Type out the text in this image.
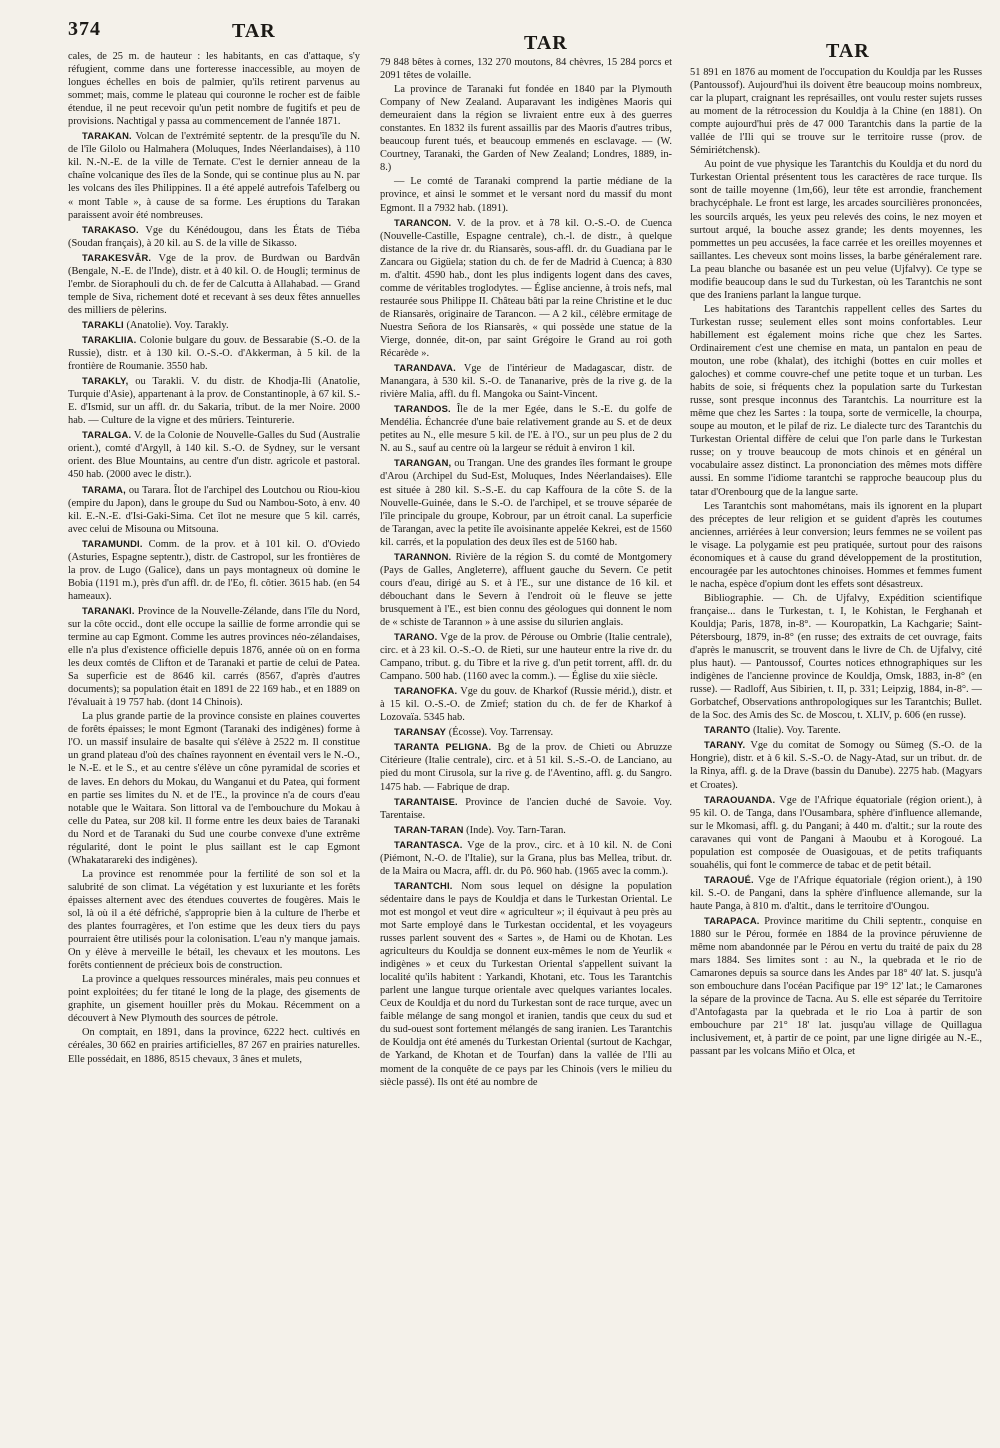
374	TAR
TAR	TAR

cales, de 25 m. de hauteur : les habitants, en cas d'attaque, s'y réfugient, comme dans une forteresse inaccessible, au moyen de longues échelles en bois de palmier, qu'ils retirent parvenus au sommet; mais, comme le plateau qui couronne le rocher est de faible étendue, il ne peut recevoir qu'un petit nombre de fugitifs et peu de provisions. Nachtigal y passa au commencement de l'année 1871.

TARAKAN. Volcan de l'extrémité septentr. de la presqu'île du N. de l'île Gilolo ou Halmahera (Moluques, Indes Néerlandaises), à 110 kil. N.-N.-E. de la ville de Ternate. C'est le dernier anneau de la chaîne volcanique des îles de la Sonde, qui se continue plus au N. par les volcans des îles Philippines. Il a été appelé autrefois Tafelberg ou « mont Table », à cause de sa forme. Les éruptions du Tarakan paraissent avoir été nombreuses.

TARAKASO. Vge du Kénédougou, dans les États de Tiéba (Soudan français), à 20 kil. au S. de la ville de Sikasso.

TARAKESVÂR. Vge de la prov. de Burdwan ou Bardvân (Bengale, N.-E. de l'Inde), distr. et à 40 kil. O. de Hougli; terminus de l'embr. de Sioraphouli du ch. de fer de Calcutta à Allahabad. — Grand temple de Siva, richement doté et recevant à ses deux fêtes annuelles des milliers de pèlerins.

TARAKLI (Anatolie). Voy. Tarakly.

TARAKLIIA. Colonie bulgare du gouv. de Bessarabie (S.-O. de la Russie), distr. et à 130 kil. O.-S.-O. d'Akkerman, à 5 kil. de la frontière de Roumanie. 3550 hab.

TARAKLY, ou Tarakli. V. du distr. de Khodja-Ili (Anatolie, Turquie d'Asie), appartenant à la prov. de Constantinople, à 67 kil. S.-E. d'Ismid, sur un affl. dr. du Sakaria, tribut. de la mer Noire. 2000 hab. — Culture de la vigne et des mûriers. Teinturerie.

TARALGA. V. de la Colonie de Nouvelle-Galles du Sud (Australie orient.), comté d'Argyll, à 140 kil. S.-O. de Sydney, sur le versant orient. des Blue Mountains, au centre d'un distr. agricole et pastoral. 450 hab. (2000 avec le distr.).

TARAMA, ou Tarara. Îlot de l'archipel des Loutchou ou Riou-kiou (empire du Japon), dans le groupe du Sud ou Nambou-Soto, à env. 40 kil. E.-N.-E. d'Isi-Gaki-Sima. Cet îlot ne mesure que 5 kil. carrés, avec celui de Misouna ou Mitsouna.

TARAMUNDI. Comm. de la prov. et à 101 kil. O. d'Oviedo (Asturies, Espagne septentr.), distr. de Castropol, sur les frontières de la prov. de Lugo (Galice), dans un pays montagneux où domine le Bobia (1191 m.), près d'un affl. dr. de l'Eo, fl. côtier. 3615 hab. (en 54 hameaux).

TARANAKI. Province de la Nouvelle-Zélande, dans l'île du Nord, sur la côte occid., dont elle occupe la saillie de forme arrondie qui se termine au cap Egmont. Comme les autres provinces néo-zélandaises, elle n'a plus d'existence officielle depuis 1876, année où on en forma les deux comtés de Clifton et de Taranaki et partie de celui de Patea. Sa superficie est de 8646 kil. carrés (8567, d'après d'autres documents); sa population était en 1891 de 22 169 hab., et en 1889 on l'évaluait à 19 757 hab. (dont 14 Chinois).

La plus grande partie de la province consiste en plaines couvertes de forêts épaisses; le mont Egmont (Taranaki des indigènes) forme à l'O. un massif insulaire de basalte qui s'élève à 2522 m. Il constitue un grand plateau d'où des chaînes rayonnent en éventail vers le N.-O., le N.-E. et le S., et au centre s'élève un cône pyramidal de scories et de laves. En dehors du Mokau, du Wanganui et du Patea, qui forment en partie ses limites du N. et de l'E., la province n'a de cours d'eau notable que le Waitara. Son littoral va de l'embouchure du Mokau à celle du Patea, sur 208 kil. Il forme entre les deux baies de Taranaki du Nord et de Taranaki du Sud une courbe convexe d'une extrême régularité, dont le point le plus saillant est le cap Egmont (Whakatarareki des indigènes).

La province est renommée pour la fertilité de son sol et la salubrité de son climat. La végétation y est luxuriante et les forêts épaisses alternent avec des étendues couvertes de fougères. Mais le sol, là où il a été défriché, s'approprie bien à la culture de l'herbe et des plantes fourragères, et l'on estime que les deux tiers du pays pourraient être utilisés pour la colonisation. L'eau n'y manque jamais. On y élève à merveille le bétail, les chevaux et les moutons. Les forêts contiennent de précieux bois de construction.

La province a quelques ressources minérales, mais peu connues et point exploitées; du fer titané le long de la plage, des gisements de graphite, un gisement houiller près du Mokau. Récemment on a découvert à New Plymouth des sources de pétrole.

On comptait, en 1891, dans la province, 6222 hect. cultivés en céréales, 30 662 en prairies artificielles, 87 267 en prairies naturelles. Elle possédait, en 1886, 8515 chevaux, 3 ânes et mulets,

79 848 bêtes à cornes, 132 270 moutons, 84 chèvres, 15 284 porcs et 2091 têtes de volaille.

La province de Taranaki fut fondée en 1840 par la Plymouth Company of New Zealand. Auparavant les indigènes Maoris qui demeuraient dans la région se livraient entre eux à des guerres constantes. En 1832 ils furent assaillis par des Maoris d'autres tribus, beaucoup furent tués, et beaucoup emmenés en esclavage. — (W. Courtney, Taranaki, the Garden of New Zealand; Londres, 1889, in-8.)

— Le comté de Taranaki comprend la partie médiane de la province, et ainsi le sommet et le versant nord du massif du mont Egmont. Il a 7932 hab. (1891).

TARANCON. V. de la prov. et à 78 kil. O.-S.-O. de Cuenca (Nouvelle-Castille, Espagne centrale), ch.-l. de distr., à quelque distance de la rive dr. du Riansarès, sous-affl. dr. du Guadiana par le Zancara ou Gigüela; station du ch. de fer de Madrid à Cuenca; à 830 m. d'altit. 4590 hab., dont les plus indigents logent dans des caves, comme de véritables troglodytes. — Église ancienne, à trois nefs, mal restaurée sous Philippe II. Château bâti par la reine Christine et le duc de Riansarès, originaire de Tarancon. — A 2 kil., célèbre ermitage de Nuestra Señora de los Riansarès, « qui possède une statue de la Vierge, donnée, dit-on, par saint Grégoire le Grand au roi goth Récarède ».

TARANDAVA. Vge de l'intérieur de Madagascar, distr. de Manangara, à 530 kil. S.-O. de Tananarive, près de la rive g. de la rivière Malia, affl. du fl. Mangoka ou Saint-Vincent.

TARANDOS. Île de la mer Egée, dans le S.-E. du golfe de Mendélia. Échancrée d'une baie relativement grande au S. et de deux petites au N., elle mesure 5 kil. de l'E. à l'O., sur un peu plus de 2 du N. au S., sauf au centre où la largeur se réduit à environ 1 kil.

TARANGAN, ou Trangan. Une des grandes îles formant le groupe d'Arou (Archipel du Sud-Est, Moluques, Indes Néerlandaises). Elle est située à 280 kil. S.-S.-E. du cap Kaffoura de la côte S. de la Nouvelle-Guinée, dans le S.-O. de l'archipel, et se trouve séparée de l'île principale du groupe, Kobrour, par un étroit canal. La superficie de Tarangan, avec la petite île avoisinante appelée Kekrei, est de 1560 kil. carrés, et la population des deux îles est de 5160 hab.

TARANNON. Rivière de la région S. du comté de Montgomery (Pays de Galles, Angleterre), affluent gauche du Severn. Ce petit cours d'eau, dirigé au S. et à l'E., sur une distance de 16 kil. et débouchant dans le Severn à l'endroit où le fleuve se jette brusquement à l'E., est bien connu des géologues qui donnent le nom de « schiste de Tarannon » à une assise du silurien anglais.

TARANO. Vge de la prov. de Pérouse ou Ombrie (Italie centrale), circ. et à 23 kil. O.-S.-O. de Rieti, sur une hauteur entre la rive dr. du Campano, tribut. g. du Tibre et la rive g. d'un petit torrent, affl. dr. du Campano. 500 hab. (1160 avec la comm.). — Église du xiie siècle.

TARANOFKA. Vge du gouv. de Kharkof (Russie mérid.), distr. et à 15 kil. O.-S.-O. de Zmief; station du ch. de fer de Kharkof à Lozovaïa. 5345 hab.

TARANSAY (Écosse). Voy. Tarrensay.

TARANTA PELIGNA. Bg de la prov. de Chieti ou Abruzze Citérieure (Italie centrale), circ. et à 51 kil. S.-S.-O. de Lanciano, au pied du mont Cirusola, sur la rive g. de l'Aventino, affl. g. du Sangro. 1475 hab. — Fabrique de drap.

TARANTAISE. Province de l'ancien duché de Savoie. Voy. Tarentaise.

TARAN-TARAN (Inde). Voy. Tarn-Taran.

TARANTASCA. Vge de la prov., circ. et à 10 kil. N. de Coni (Piémont, N.-O. de l'Italie), sur la Grana, plus bas Mellea, tribut. dr. de la Maira ou Macra, affl. dr. du Pô. 960 hab. (1965 avec la comm.).

TARANTCHI. Nom sous lequel on désigne la population sédentaire dans le pays de Kouldja et dans le Turkestan Oriental. Le mot est mongol et veut dire « agriculteur »; il équivaut à peu près au mot Sarte employé dans le Turkestan occidental, et les voyageurs russes parlent souvent des « Sartes », de Hami ou de Khotan. Les agriculteurs du Kouldja se donnent eux-mêmes le nom de Yeurlik « indigènes » et ceux du Turkestan Oriental s'appellent suivant la localité qu'ils habitent : Yarkandi, Khotani, etc. Tous les Tarantchis parlent une langue turque orientale avec quelques variantes locales. Ceux de Kouldja et du nord du Turkestan sont de race turque, avec un faible mélange de sang mongol et iranien, tandis que ceux du sud et du sud-ouest sont fortement mélangés de sang iranien. Les Tarantchis de Kouldja ont été amenés du Turkestan Oriental (surtout de Kachgar, de Yarkand, de Khotan et de Tourfan) dans la vallée de l'Ili au moment de la conquête de ce pays par les Chinois (vers le milieu du siècle passé). Ils ont été au nombre de

51 891 en 1876 au moment de l'occupation du Kouldja par les Russes (Pantoussof). Aujourd'hui ils doivent être beaucoup moins nombreux, car la plupart, craignant les représailles, ont voulu rester sujets russes au moment de la rétrocession du Kouldja à la Chine (en 1881). On compte aujourd'hui près de 47 000 Tarantchis dans la partie de la vallée de l'Ili qui se trouve sur le territoire russe (prov. de Sémiriétchensk).

Au point de vue physique les Tarantchis du Kouldja et du nord du Turkestan Oriental présentent tous les caractères de race turque. Ils sont de taille moyenne (1m,66), leur tête est arrondie, franchement brachycéphale. Le front est large, les arcades sourcilières prononcées, les sourcils arqués, les yeux peu relevés des coins, le nez moyen et surtout arqué, la bouche assez grande; les dents moyennes, les pommettes un peu accusées, la face carrée et les oreilles moyennes et saillantes. Les cheveux sont moins lisses, la barbe généralement rare. La peau blanche ou basanée est un peu velue (Ujfalvy). Ce type se modifie beaucoup dans le sud du Turkestan, où les Tarantchis ne sont que des Iraniens parlant la langue turque.

Les habitations des Tarantchis rappellent celles des Sartes du Turkestan russe; seulement elles sont moins confortables. Leur habillement est également moins riche que chez les Sartes. Ordinairement c'est une chemise en mata, un pantalon en peau de mouton, une robe (khalat), des itchighi (bottes en cuir molles et galoches) et comme couvre-chef une petite toque et un turban. Les habits de soie, si fréquents chez la population sarte du Turkestan russe, sont presque inconnus des Tarantchis. La nourriture est la même que chez les Sartes : la toupa, sorte de vermicelle, la chourpa, soupe au mouton, et le pilaf de riz. Le dialecte turc des Tarantchis du Turkestan Oriental diffère de celui que l'on parle dans le Turkestan russe; on y trouve beaucoup de mots chinois et en général un vocabulaire assez distinct. La prononciation des mêmes mots diffère aussi. En somme l'idiome tarantchi se rapproche beaucoup plus du tatar d'Orenbourg que de la langue sarte.

Les Tarantchis sont mahométans, mais ils ignorent en la plupart des préceptes de leur religion et se guident d'après les coutumes anciennes, arriérées à leur conversion; leurs femmes ne se voilent pas le visage. La polygamie est peu pratiquée, surtout pour des raisons économiques et à cause du grand développement de la prostitution, encouragée par les autochtones chinoises. Hommes et femmes fument le nacha, espèce d'opium dont les effets sont désastreux.

Bibliographie. — Ch. de Ujfalvy, Expédition scientifique française... dans le Turkestan, t. I, le Kohistan, le Ferghanah et Kouldja; Paris, 1878, in-8°. — Kouropatkin, La Kachgarie; Saint-Pétersbourg, 1879, in-8° (en russe; des extraits de cet ouvrage, faits d'après le manuscrit, se trouvent dans le livre de Ch. de Ujfalvy, cité plus haut). — Pantoussof, Courtes notices ethnographiques sur les indigènes de l'ancienne province de Kouldja, Omsk, 1883, in-8° (en russe). — Radloff, Aus Sibirien, t. II, p. 331; Leipzig, 1884, in-8°. — Gorbatchef, Observations anthropologiques sur les Tarantchis; Bullet. de la Soc. des Amis des Sc. de Moscou, t. XLIV, p. 606 (en russe).

TARANTO (Italie). Voy. Tarente.

TARANY. Vge du comitat de Somogy ou Sümeg (S.-O. de la Hongrie), distr. et à 6 kil. S.-S.-O. de Nagy-Atad, sur un tribut. dr. de la Rinya, affl. g. de la Drave (bassin du Danube). 2275 hab. (Magyars et Croates).

TARAOUANDA. Vge de l'Afrique équatoriale (région orient.), à 95 kil. O. de Tanga, dans l'Ousambara, sphère d'influence allemande, sur le Mkomasi, affl. g. du Pangani; à 440 m. d'altit.; sur la route des caravanes qui vont de Pangani à Maoubu et à Korogoué. La population est composée de Ouasigouas, et de petits trafiquants souahélis, qui font le commerce de tabac et de petit bétail.

TARAOUÉ. Vge de l'Afrique équatoriale (région orient.), à 190 kil. S.-O. de Pangani, dans la sphère d'influence allemande, sur la haute Panga, à 810 m. d'altit., dans le territoire d'Oungou.

TARAPACA. Province maritime du Chili septentr., conquise en 1880 sur le Pérou, formée en 1884 de la province péruvienne de même nom abandonnée par le Pérou en vertu du traité de paix du 28 mars 1884. Ses limites sont : au N., la quebrada et le rio de Camarones depuis sa source dans les Andes par 18° 40' lat. S. jusqu'à son embouchure dans l'océan Pacifique par 19° 12' lat.; le Camarones la sépare de la province de Tacna. Au S. elle est séparée du Territoire d'Antofagasta par la quebrada et le rio Loa à partir de son embouchure par 21° 18' lat. jusqu'au village de Quillagua inclusivement, et, à partir de ce point, par une ligne dirigée au N.-E., passant par les volcans Miño et Olca, et
